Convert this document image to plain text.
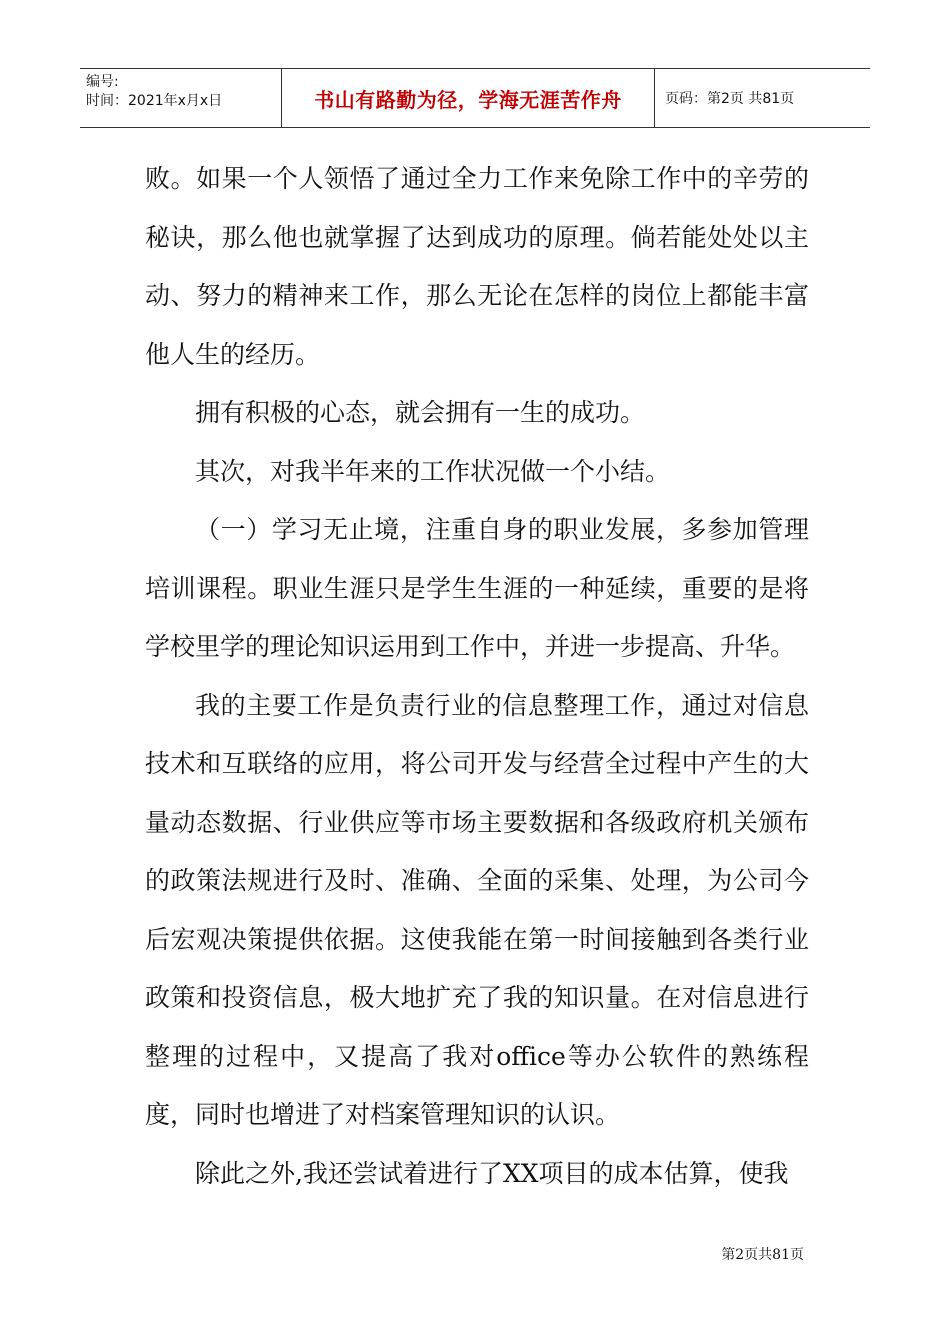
编号:
时间：2021年x月x日	书山有路勤为径，学海无涯苦作舟	页码：第2页 共81页

败。如果一个人领悟了通过全力工作来免除工作中的辛劳的秘诀，那么他也就掌握了达到成功的原理。倘若能处处以主动、努力的精神来工作，那么无论在怎样的岗位上都能丰富他人生的经历。

拥有积极的心态，就会拥有一生的成功。

其次，对我半年来的工作状况做一个小结。

（一）学习无止境，注重自身的职业发展，多参加管理培训课程。职业生涯只是学生生涯的一种延续，重要的是将学校里学的理论知识运用到工作中，并进一步提高、升华。

我的主要工作是负责行业的信息整理工作，通过对信息技术和互联络的应用，将公司开发与经营全过程中产生的大量动态数据、行业供应等市场主要数据和各级政府机关颁布的政策法规进行及时、准确、全面的采集、处理，为公司今后宏观决策提供依据。这使我能在第一时间接触到各类行业政策和投资信息，极大地扩充了我的知识量。在对信息进行整理的过程中，又提高了我对office等办公软件的熟练程度，同时也增进了对档案管理知识的认识。

除此之外,我还尝试着进行了XX项目的成本估算，使我

第2页共81页
